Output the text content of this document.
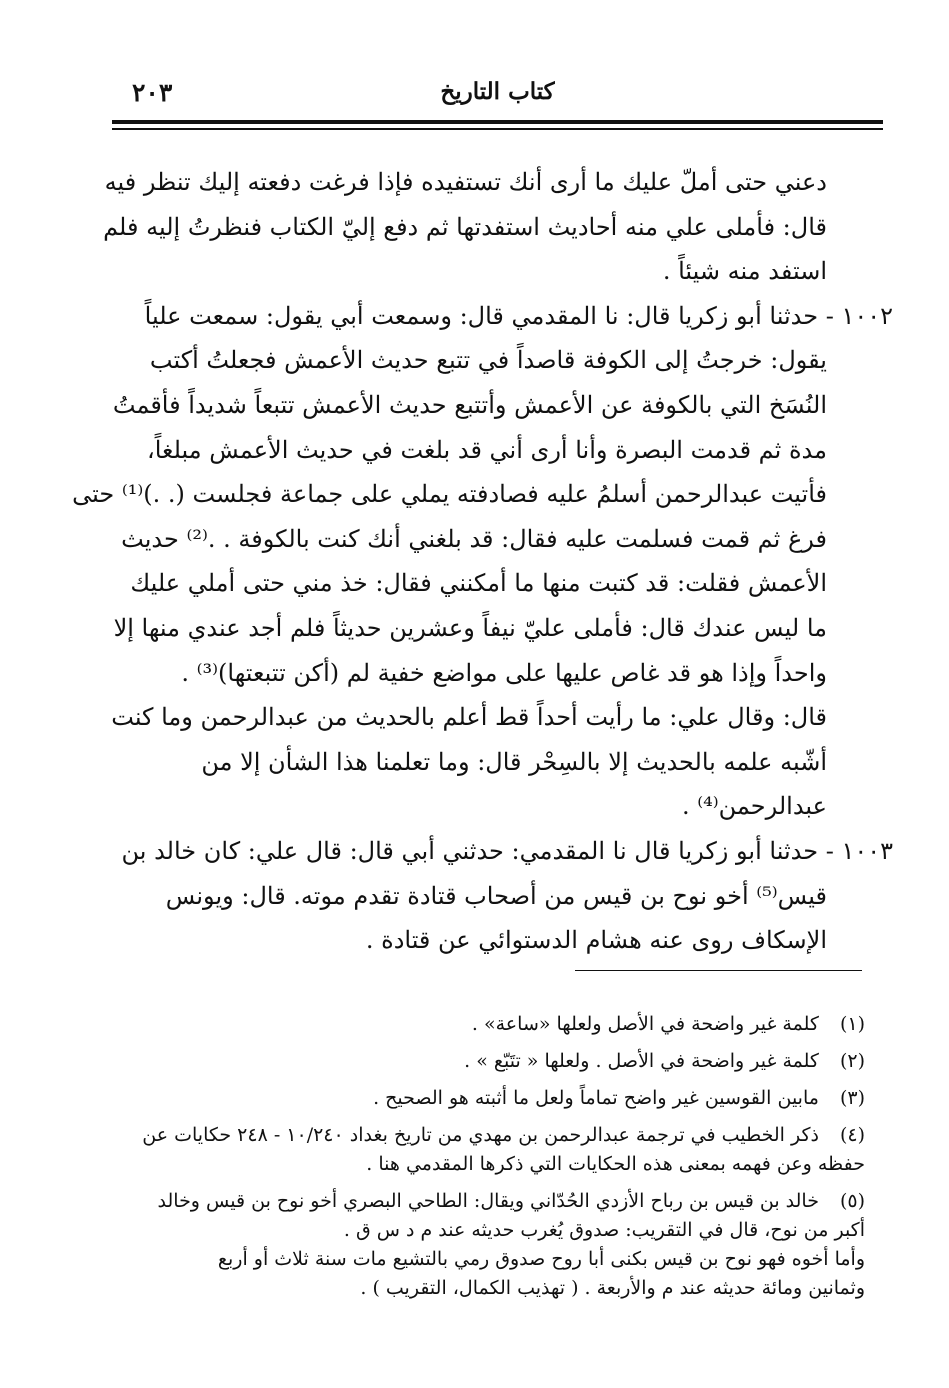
كتاب التاريخ
٢٠٣
دعني حتى أملّ عليك ما أرى أنك تستفيده فإذا فرغت دفعته إليك تنظر فيه
قال: فأملى علي منه أحاديث استفدتها ثم دفع إليّ الكتاب فنظرتُ إليه فلم
استفد منه شيئاً .
١٠٠٢ - حدثنا أبو زكريا قال: نا المقدمي قال: وسمعت أبي يقول: سمعت علياً
يقول: خرجتُ إلى الكوفة قاصداً في تتبع حديث الأعمش فجعلتُ أكتب
النُسَخ التي بالكوفة عن الأعمش وأتتبع حديث الأعمش تتبعاً شديداً فأقمتُ
مدة ثم قدمت البصرة وأنا أرى أني قد بلغت في حديث الأعمش مبلغاً،
فأتيت عبدالرحمن أسلمُ عليه فصادفته يملي على جماعة فجلست (. .)⁽¹⁾ حتى
فرغ ثم قمت فسلمت عليه فقال: قد بلغني أنك كنت بالكوفة . .⁽²⁾ حديث
الأعمش فقلت: قد كتبت منها ما أمكنني فقال: خذ مني حتى أملي عليك
ما ليس عندك قال: فأملى عليّ نيفاً وعشرين حديثاً فلم أجد عندي منها إلا
واحداً وإذا هو قد غاص عليها على مواضع خفية لم (أكن تتبعتها)⁽³⁾ .
قال: وقال علي: ما رأيت أحداً قط أعلم بالحديث من عبدالرحمن وما كنت
أشّبه علمه بالحديث إلا بالسِحْر قال: وما تعلمنا هذا الشأن إلا من
عبدالرحمن⁽⁴⁾ .
١٠٠٣ - حدثنا أبو زكريا قال نا المقدمي: حدثني أبي قال: قال علي: كان خالد بن
قيس⁽⁵⁾ أخو نوح بن قيس من أصحاب قتادة تقدم موته. قال: ويونس
الإسكاف روى عنه هشام الدستوائي عن قتادة .
(١) كلمة غير واضحة في الأصل ولعلها «ساعة» .
(٢) كلمة غير واضحة في الأصل . ولعلها « تتَبّع » .
(٣) مابين القوسين غير واضح تماماً ولعل ما أثبته هو الصحيح .
(٤) ذكر الخطيب في ترجمة عبدالرحمن بن مهدي من تاريخ بغداد ١٠/٢٤٠ - ٢٤٨ حكايات عن
حفظه وعن فهمه بمعنى هذه الحكايات التي ذكرها المقدمي هنا .
(٥) خالد بن قيس بن رباح الأزدي الحُدّاني ويقال: الطاحي البصري أخو نوح بن قيس وخالد
أكبر من نوح، قال في التقريب: صدوق يُغرب حديثه عند م د س ق .
وأما أخوه فهو نوح بن قيس بكنى أبا روح صدوق رمي بالتشيع مات سنة ثلاث أو أربع
وثمانين ومائة حديثه عند م والأربعة . ( تهذيب الكمال، التقريب ) .
